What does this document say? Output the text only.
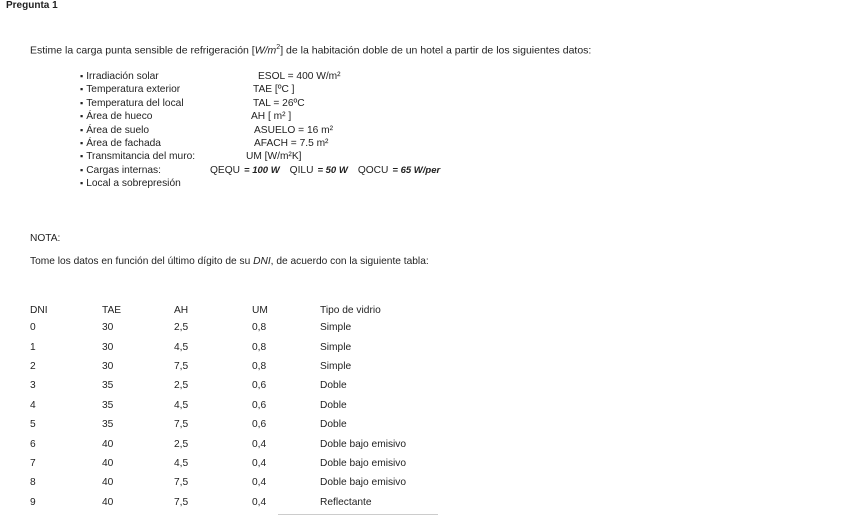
Pregunta 1
Estime la carga punta sensible de refrigeración $[W/m^2]$ de la habitación doble de un hotel a partir de los siguientes datos:
▪ Irradiación solar	ESOL = 400 W/m²
▪ Temperatura exterior	TAE [ºC ]
▪ Temperatura del local	TAL = 26ºC
▪ Área de hueco	AH [ m² ]
▪ Área de suelo	ASUELO = 16 m²
▪ Área de fachada	AFACH = 7.5 m²
▪ Transmitancia del muro:	UM [W/m²K]
▪ Cargas internas:	QEQU = 100 W QILU = 50 W QOCU = 65 W/per
▪ Local a sobrepresión
NOTA:
Tome los datos en función del último dígito de su DNI, de acuerdo con la siguiente tabla:
DNI	TAE	AH	UM	Tipo de vidrio
0	30	2,5	0,8	Simple
1	30	4,5	0,8	Simple
2	30	7,5	0,8	Simple
3	35	2,5	0,6	Doble
4	35	4,5	0,6	Doble
5	35	7,5	0,6	Doble
6	40	2,5	0,4	Doble bajo emisivo
7	40	4,5	0,4	Doble bajo emisivo
8	40	7,5	0,4	Doble bajo emisivo
9	40	7,5	0,4	Reflectante
